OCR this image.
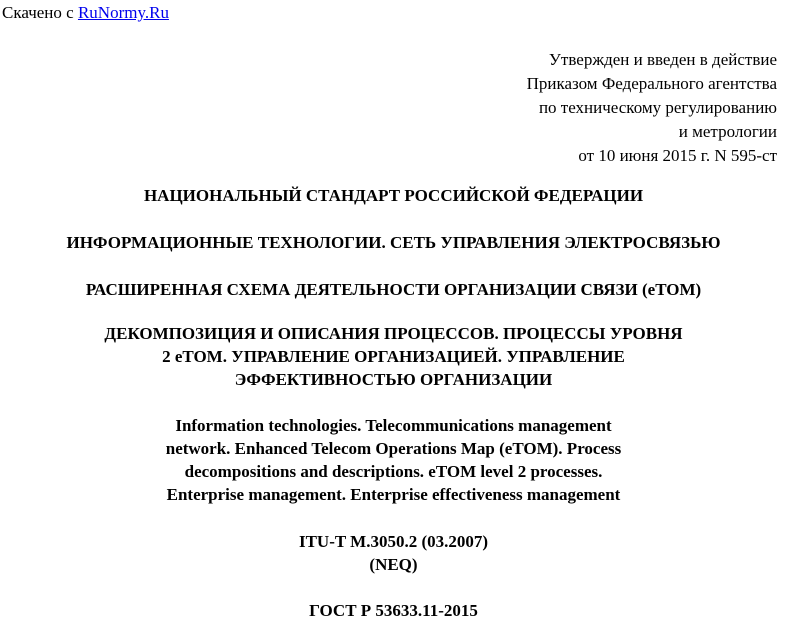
Скачено с RuNormy.Ru
Утвержден и введен в действие
Приказом Федерального агентства
по техническому регулированию
и метрологии
от 10 июня 2015 г. N 595-ст
НАЦИОНАЛЬНЫЙ СТАНДАРТ РОССИЙСКОЙ ФЕДЕРАЦИИ
ИНФОРМАЦИОННЫЕ ТЕХНОЛОГИИ. СЕТЬ УПРАВЛЕНИЯ ЭЛЕКТРОСВЯЗЬЮ
РАСШИРЕННАЯ СХЕМА ДЕЯТЕЛЬНОСТИ ОРГАНИЗАЦИИ СВЯЗИ (eTOM)
ДЕКОМПОЗИЦИЯ И ОПИСАНИЯ ПРОЦЕССОВ. ПРОЦЕССЫ УРОВНЯ
2 eTOM. УПРАВЛЕНИЕ ОРГАНИЗАЦИЕЙ. УПРАВЛЕНИЕ
ЭФФЕКТИВНОСТЬЮ ОРГАНИЗАЦИИ
Information technologies. Telecommunications management
network. Enhanced Telecom Operations Map (eTOM). Process
decompositions and descriptions. eTOM level 2 processes.
Enterprise management. Enterprise effectiveness management
ITU-T M.3050.2 (03.2007)
(NEQ)
ГОСТ Р 53633.11-2015
